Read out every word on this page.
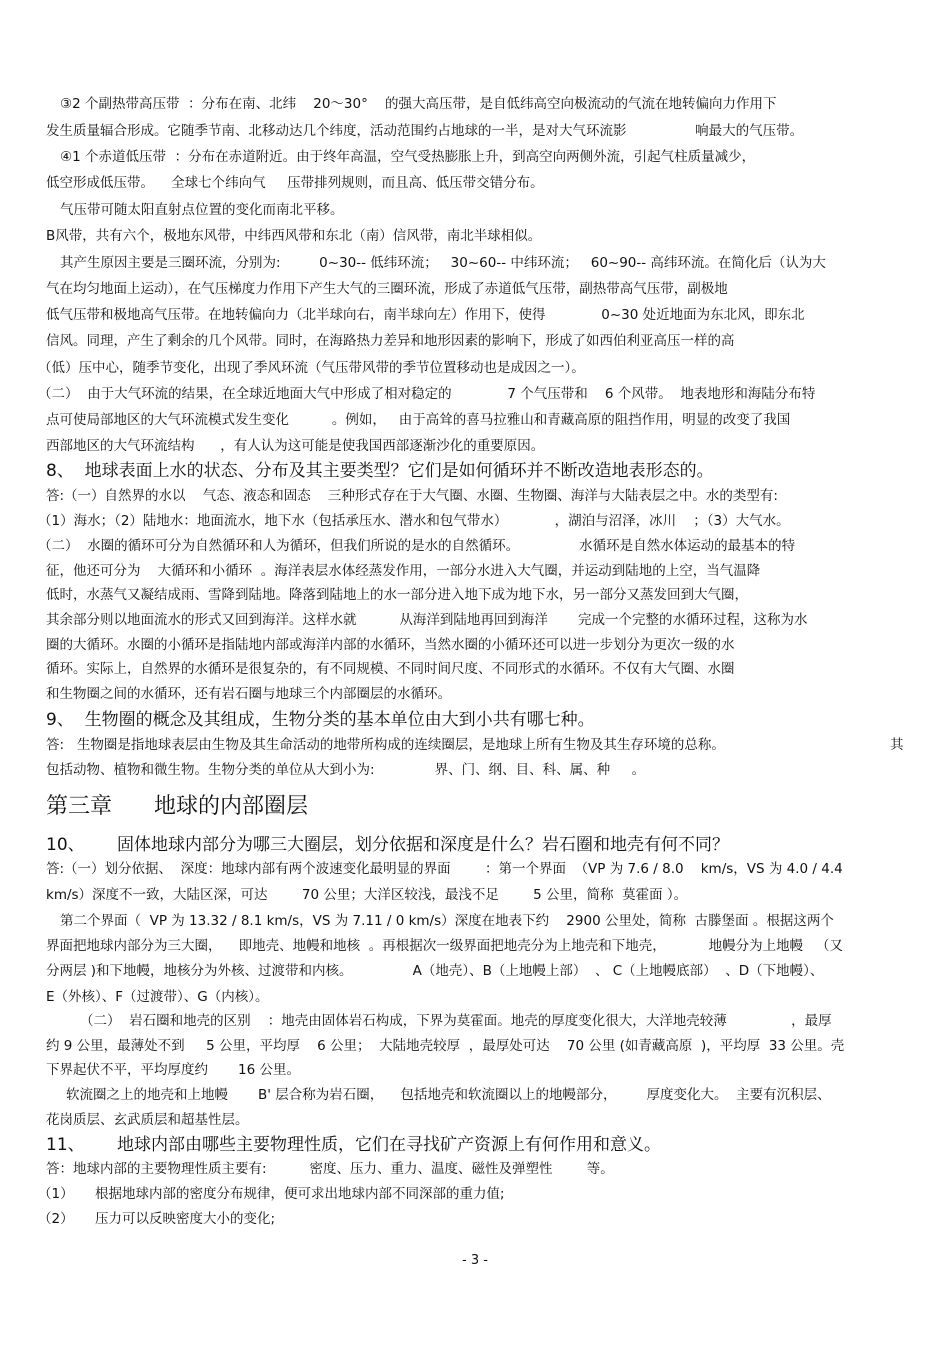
③2 个副热带高压带  ：分布在南、北纬    20～30°    的强大高压带，是自低纬高空向极流动的气流在地转偏向力作用下
发生质量辐合形成。它随季节南、北移动达几个纬度，活动范围约占地球的一半，是对大气环流影                响最大的气压带。
④1 个赤道低压带  ：分布在赤道附近。由于终年高温，空气受热膨胀上升，到高空向两侧外流，引起气柱质量减少，
低空形成低压带。    全球七个纬向气     压带排列规则，而且高、低压带交错分布。
气压带可随太阳直射点位置的变化而南北平移。
B风带，共有六个，极地东风带，中纬西风带和东北（南）信风带，南北半球相似。
其产生原因主要是三圈环流，分别为:         0~30-- 低纬环流；   30~60-- 中纬环流；   60~90-- 高纬环流。在简化后（认为大
气在均匀地面上运动），在气压梯度力作用下产生大气的三圈环流，形成了赤道低气压带，副热带高气压带，副极地
低气压带和极地高气压带。在地转偏向力（北半球向右，南半球向左）作用下，使得             0~30 处近地面为东北风，即东北
信风。同理，产生了剩余的几个风带。同时，在海路热力差异和地形因素的影响下，形成了如西伯利亚高压一样的高
（低）压中心，随季节变化，出现了季风环流（气压带风带的季节位置移动也是成因之一）。
（二）  由于大气环流的结果，在全球近地面大气中形成了相对稳定的             7 个气压带和    6 个风带。  地表地形和海陆分布特
点可使局部地区的大气环流模式发生变化          。例如，   由于高耸的喜马拉雅山和青藏高原的阻挡作用，明显的改变了我国
西部地区的大气环流结构      ，有人认为这可能是使我国西部逐渐沙化的重要原因。
8、  地球表面上水的状态、分布及其主要类型？它们是如何循环并不断改造地表形态的。
答:（一）自然界的水以    气态、液态和固态    三种形式存在于大气圈、水圈、生物圈、海洋与大陆表层之中。水的类型有:
（1）海水；（2）陆地水：地面流水，地下水（包括承压水、潜水和包气带水）           ，湖泊与沼泽，冰川    ；（3）大气水。
（二）  水圈的循环可分为自然循环和人为循环，但我们所说的是水的自然循环。              水循环是自然水体运动的最基本的特
征，他还可分为    大循环和小循环  。海洋表层水体经蒸发作用，一部分水进入大气圈，并运动到陆地的上空，当气温降
低时，水蒸气又凝结成雨、雪降到陆地。降落到陆地上的水一部分进入地下成为地下水，另一部分又蒸发回到大气圈，
其余部分则以地面流水的形式又回到海洋。这样水就          从海洋到陆地再回到海洋       完成一个完整的水循环过程，这称为水
圈的大循环。水圈的小循环是指陆地内部或海洋内部的水循环，当然水圈的小循环还可以进一步划分为更次一级的水
循环。实际上，自然界的水循环是很复杂的，有不同规模、不同时间尺度、不同形式的水循环。不仅有大气圈、水圈
和生物圈之间的水循环，还有岩石圈与地球三个内部圈层的水循环。
9、  生物圈的概念及其组成，生物分类的基本单位由大到小共有哪七种。
答:   生物圈是指地球表层由生物及其生命活动的地带所构成的连续圈层，是地球上所有生物及其生存环境的总称。	其
包括动物、植物和微生物。生物分类的单位从大到小为:              界、门、纲、目、科、属、种     。
第三章      地球的内部圈层
10、      固体地球内部分为哪三大圈层，划分依据和深度是什么？岩石圈和地壳有何不同？
答:（一）划分依据、  深度：地球内部有两个波速变化最明显的界面        ：第一个界面  （VP 为 7.6 / 8.0    km/s，VS 为 4.0 / 4.4
km/s）深度不一致，大陆区深，可达        70 公里；大洋区较浅，最浅不足        5 公里，简称  莫霍面 ）。
第二个界面（  VP 为 13.32 / 8.1 km/s，VS 为 7.11 / 0 km/s）深度在地表下约    2900 公里处，简称  古滕堡面 。根据这两个
界面把地球内部分为三大圈，    即地壳、地幔和地核  。再根据次一级界面把地壳分为上地壳和下地壳，          地幔分为上地幔   （又
分两层 )和下地幔，地核分为外核、过渡带和内核。              A（地壳）、B（上地幔上部）  、 C（上地幔底部）  、D（下地幔）、
E（外核）、F（过渡带）、G（内核）。
（二）  岩石圈和地壳的区别    ：地壳由固体岩石构成，下界为莫霍面。地壳的厚度变化很大，大洋地壳较薄               ，最厚
约 9 公里，最薄处不到     5 公里，平均厚    6 公里；  大陆地壳较厚  ，最厚处可达    70 公里 (如青藏高原  )，平均厚  33 公里。壳
下界起伏不平，平均厚度约       16 公里。
软流圈之上的地壳和上地幔       B' 层合称为岩石圈，    包括地壳和软流圈以上的地幔部分，       厚度变化大。  主要有沉积层、
花岗质层、玄武质层和超基性层。
11、      地球内部由哪些主要物理性质，它们在寻找矿产资源上有何作用和意义。
答：地球内部的主要物理性质主要有:          密度、压力、重力、温度、磁性及弹塑性        等。
（1）     根据地球内部的密度分布规律，便可求出地球内部不同深部的重力值;
（2）     压力可以反映密度大小的变化;
- 3 -
